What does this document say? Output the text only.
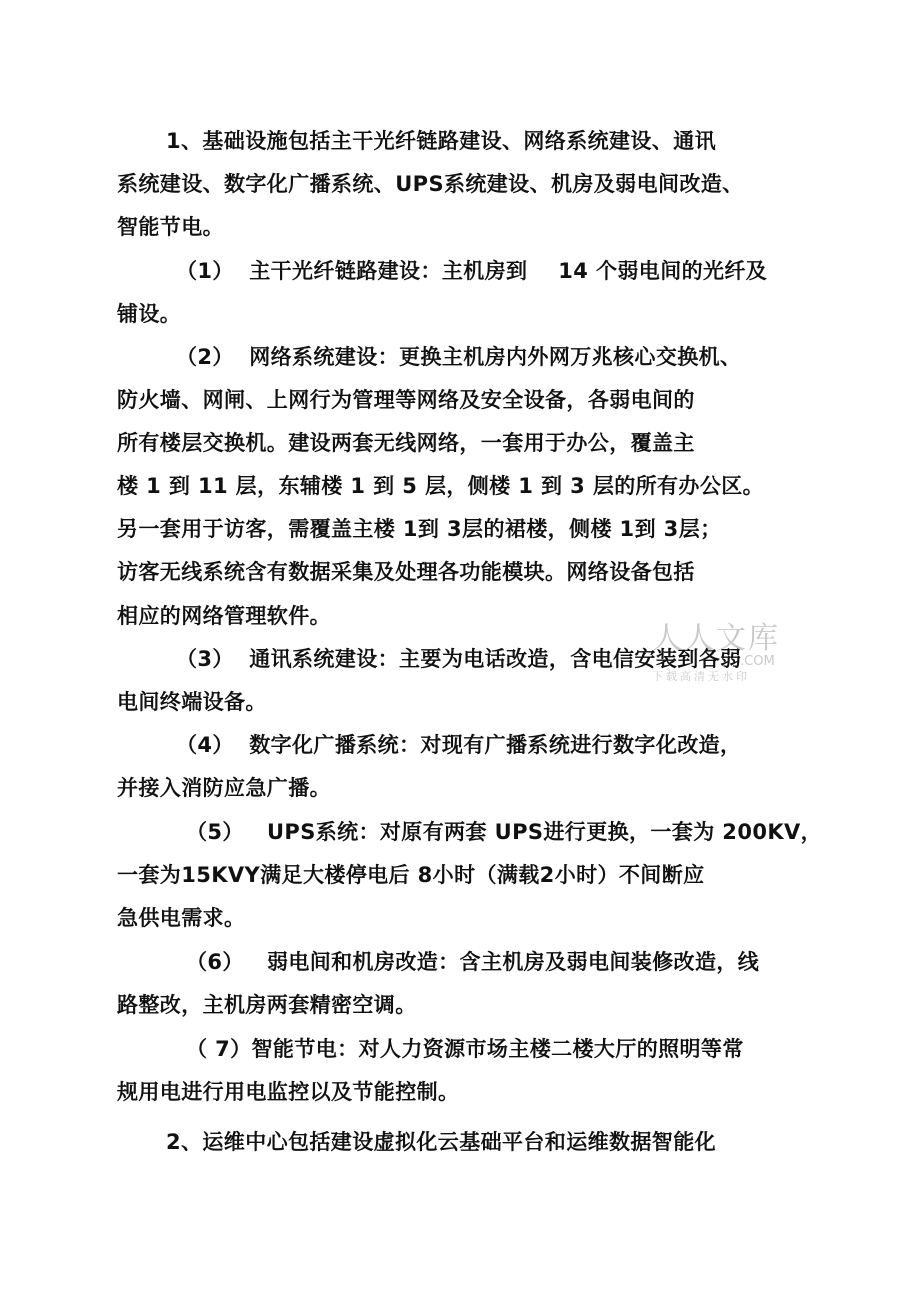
1、基础设施包括主干光纤链路建设、网络系统建设、通讯
系统建设、数字化广播系统、UPS系统建设、机房及弱电间改造、
智能节电。
（1）  主干光纤链路建设：主机房到    14 个弱电间的光纤及
铺设。
（2）  网络系统建设：更换主机房内外网万兆核心交换机、
防火墙、网闸、上网行为管理等网络及安全设备，各弱电间的
所有楼层交换机。建设两套无线网络，一套用于办公，覆盖主
楼 1 到 11 层，东辅楼 1 到 5 层，侧楼 1 到 3 层的所有办公区。
另一套用于访客，需覆盖主楼 1到 3层的裙楼，侧楼 1到 3层；
访客无线系统含有数据采集及处理各功能模块。网络设备包括
相应的网络管理软件。
（3）  通讯系统建设：主要为电话改造，含电信安装到各弱
电间终端设备。
（4）  数字化广播系统：对现有广播系统进行数字化改造，
并接入消防应急广播。
（5）   UPS系统：对原有两套 UPS进行更换，一套为 200KV，
一套为15KVY满足大楼停电后 8小时（满载2小时）不间断应
急供电需求。
（6）   弱电间和机房改造：含主机房及弱电间装修改造，线
路整改，主机房两套精密空调。
（ 7）智能节电：对人力资源市场主楼二楼大厅的照明等常
规用电进行用电监控以及节能控制。
2、运维中心包括建设虚拟化云基础平台和运维数据智能化
人人文库
.COM
下载高清无水印
